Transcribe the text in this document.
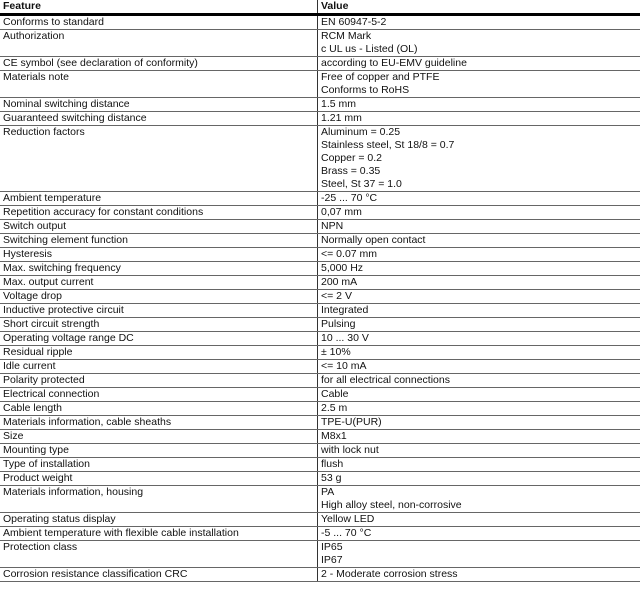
Feature	Value
Conforms to standard	EN 60947-5-2
Authorization	RCM Mark
c UL us - Listed (OL)
CE symbol (see declaration of conformity)	according to EU-EMV guideline
Materials note	Free of copper and PTFE
Conforms to RoHS
Nominal switching distance	1.5 mm
Guaranteed switching distance	1.21 mm
Reduction factors	Aluminum = 0.25
Stainless steel, St 18/8 = 0.7
Copper = 0.2
Brass = 0.35
Steel, St 37 = 1.0
Ambient temperature	-25 ... 70 °C
Repetition accuracy for constant conditions	0,07 mm
Switch output	NPN
Switching element function	Normally open contact
Hysteresis	<= 0.07 mm
Max. switching frequency	5,000 Hz
Max. output current	200 mA
Voltage drop	<= 2 V
Inductive protective circuit	Integrated
Short circuit strength	Pulsing
Operating voltage range DC	10 ... 30 V
Residual ripple	± 10%
Idle current	<= 10 mA
Polarity protected	for all electrical connections
Electrical connection	Cable
Cable length	2.5 m
Materials information, cable sheaths	TPE-U(PUR)
Size	M8x1
Mounting type	with lock nut
Type of installation	flush
Product weight	53 g
Materials information, housing	PA
High alloy steel, non-corrosive
Operating status display	Yellow LED
Ambient temperature with flexible cable installation	-5 ... 70 °C
Protection class	IP65
IP67
Corrosion resistance classification CRC	2 - Moderate corrosion stress
